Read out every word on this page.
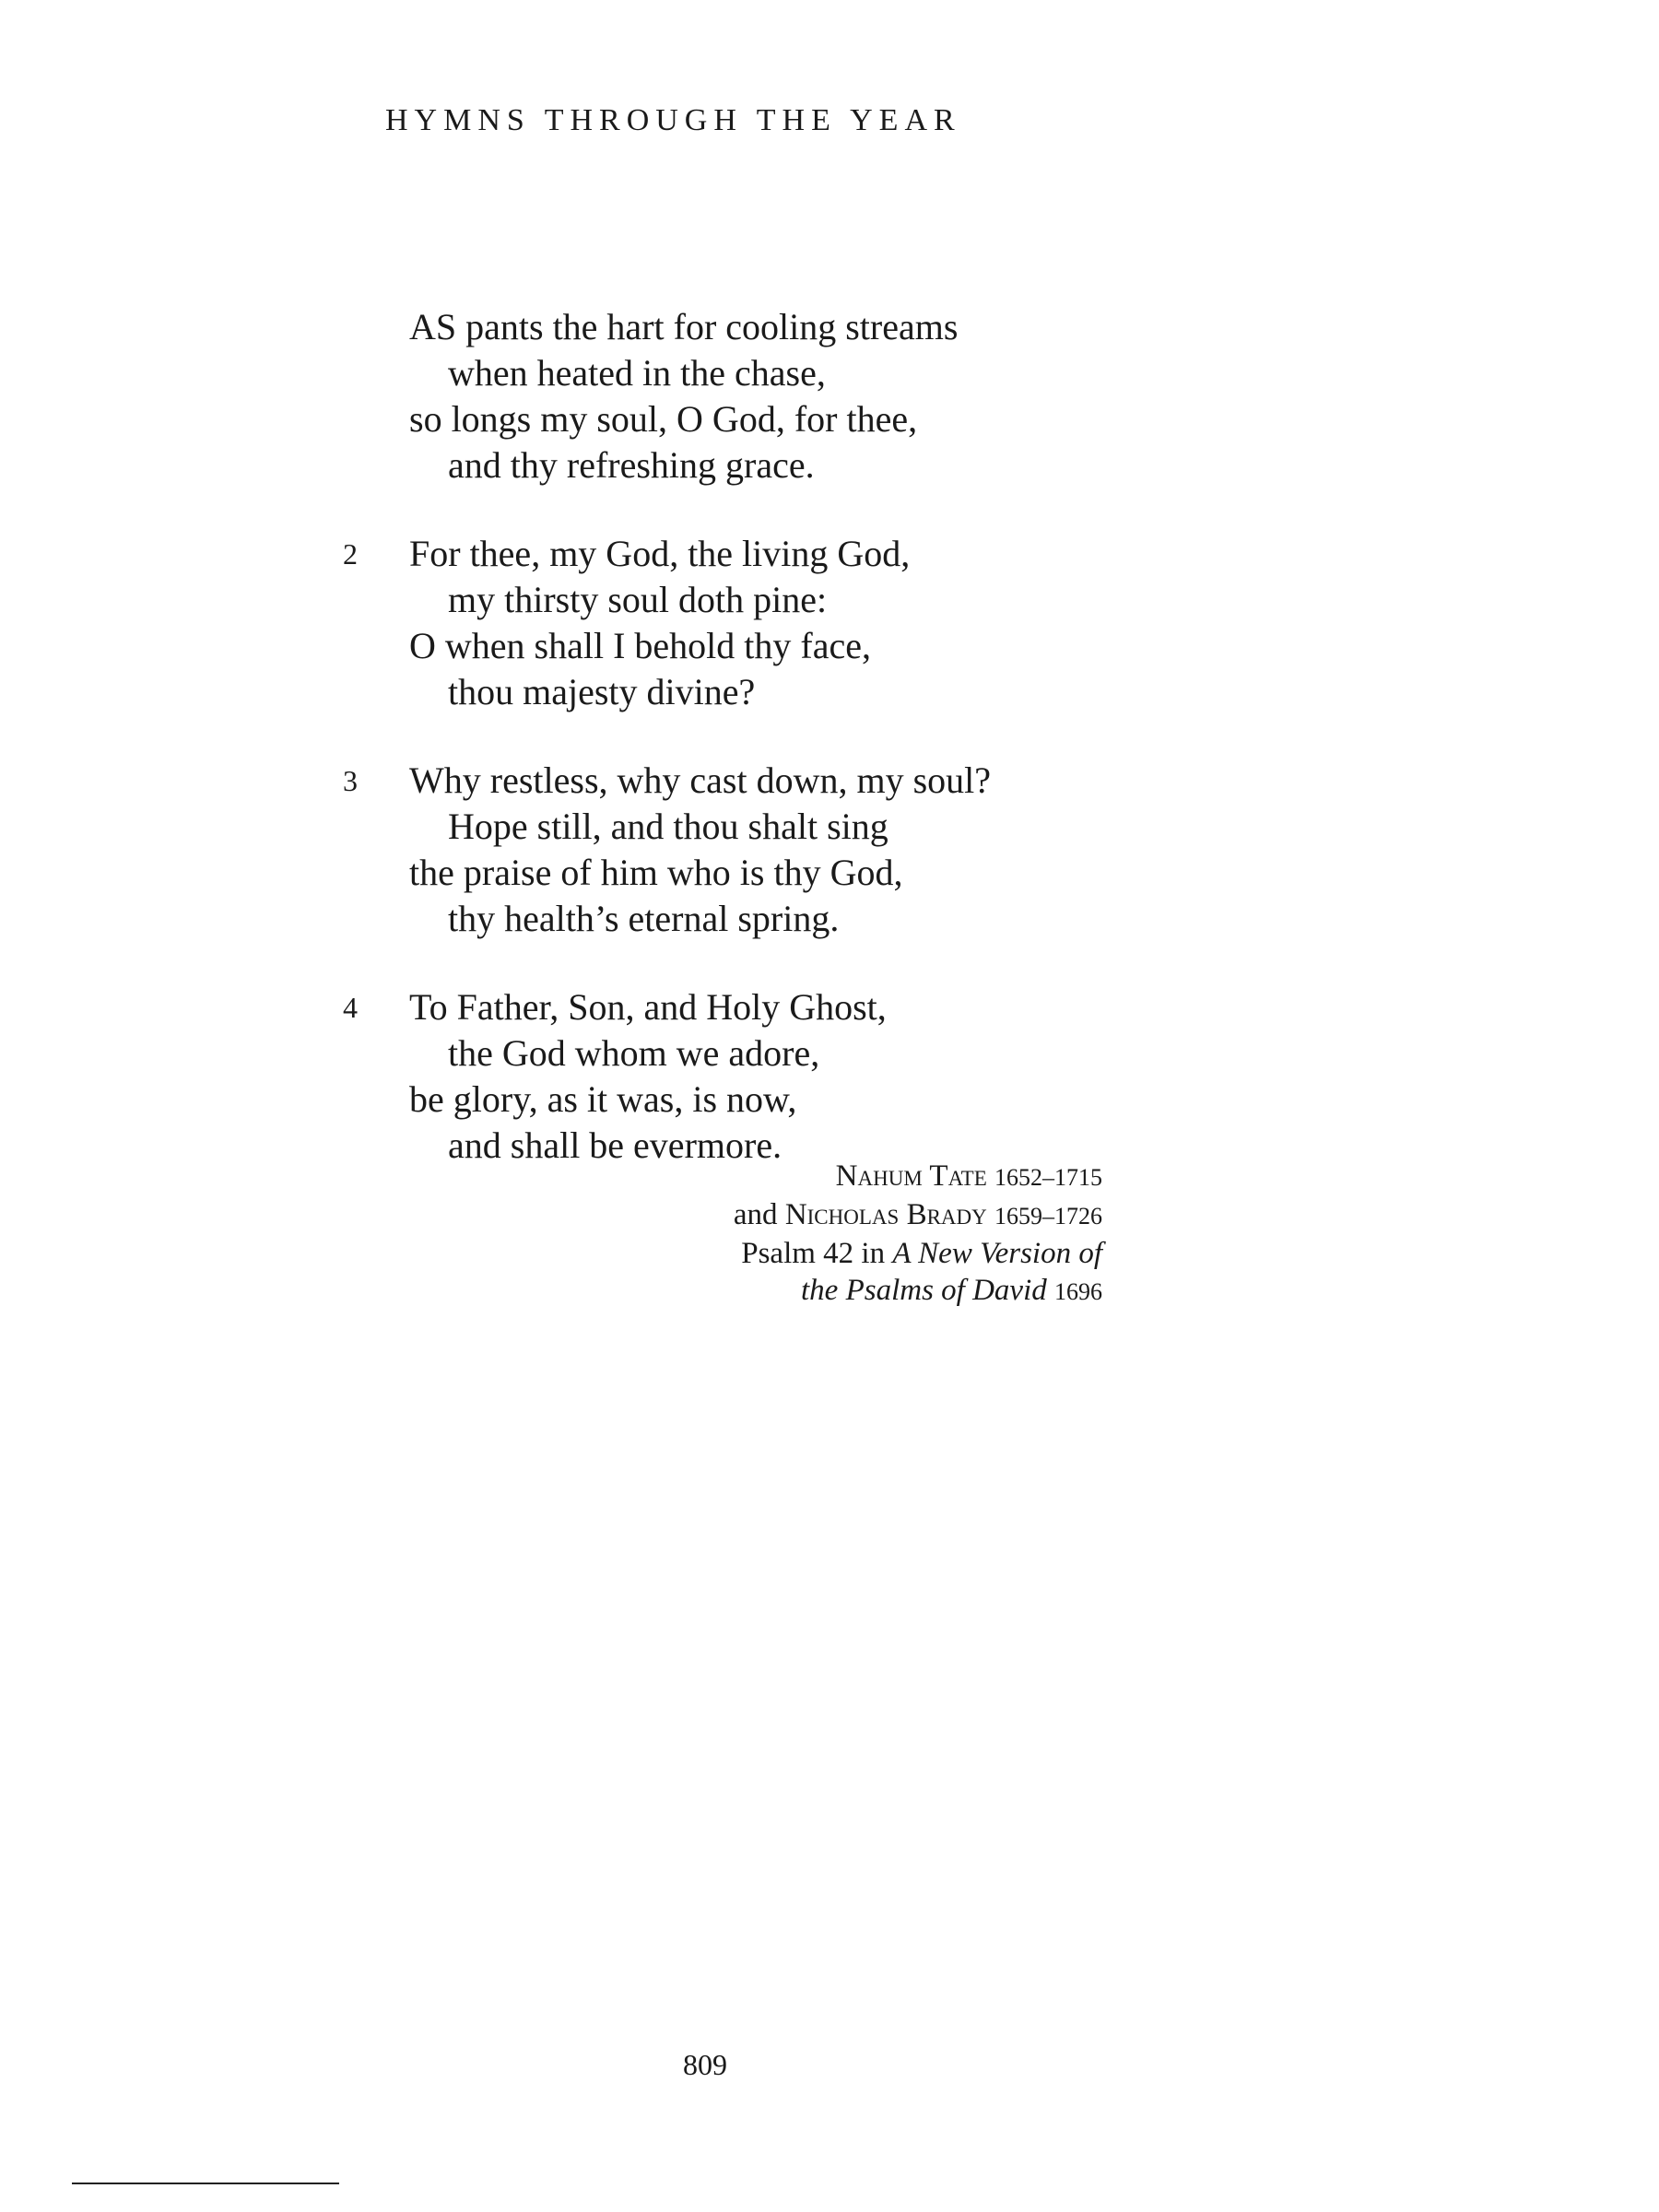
HYMNS THROUGH THE YEAR
AS pants the hart for cooling streams
when heated in the chase,
so longs my soul, O God, for thee,
and thy refreshing grace.
2	For thee, my God, the living God,
my thirsty soul doth pine:
O when shall I behold thy face,
thou majesty divine?
3	Why restless, why cast down, my soul?
Hope still, and thou shalt sing
the praise of him who is thy God,
thy health’s eternal spring.
4	To Father, Son, and Holy Ghost,
the God whom we adore,
be glory, as it was, is now,
and shall be evermore.
Nahum Tate 1652–1715
and Nicholas Brady 1659–1726
Psalm 42 in A New Version of
the Psalms of David 1696
809
